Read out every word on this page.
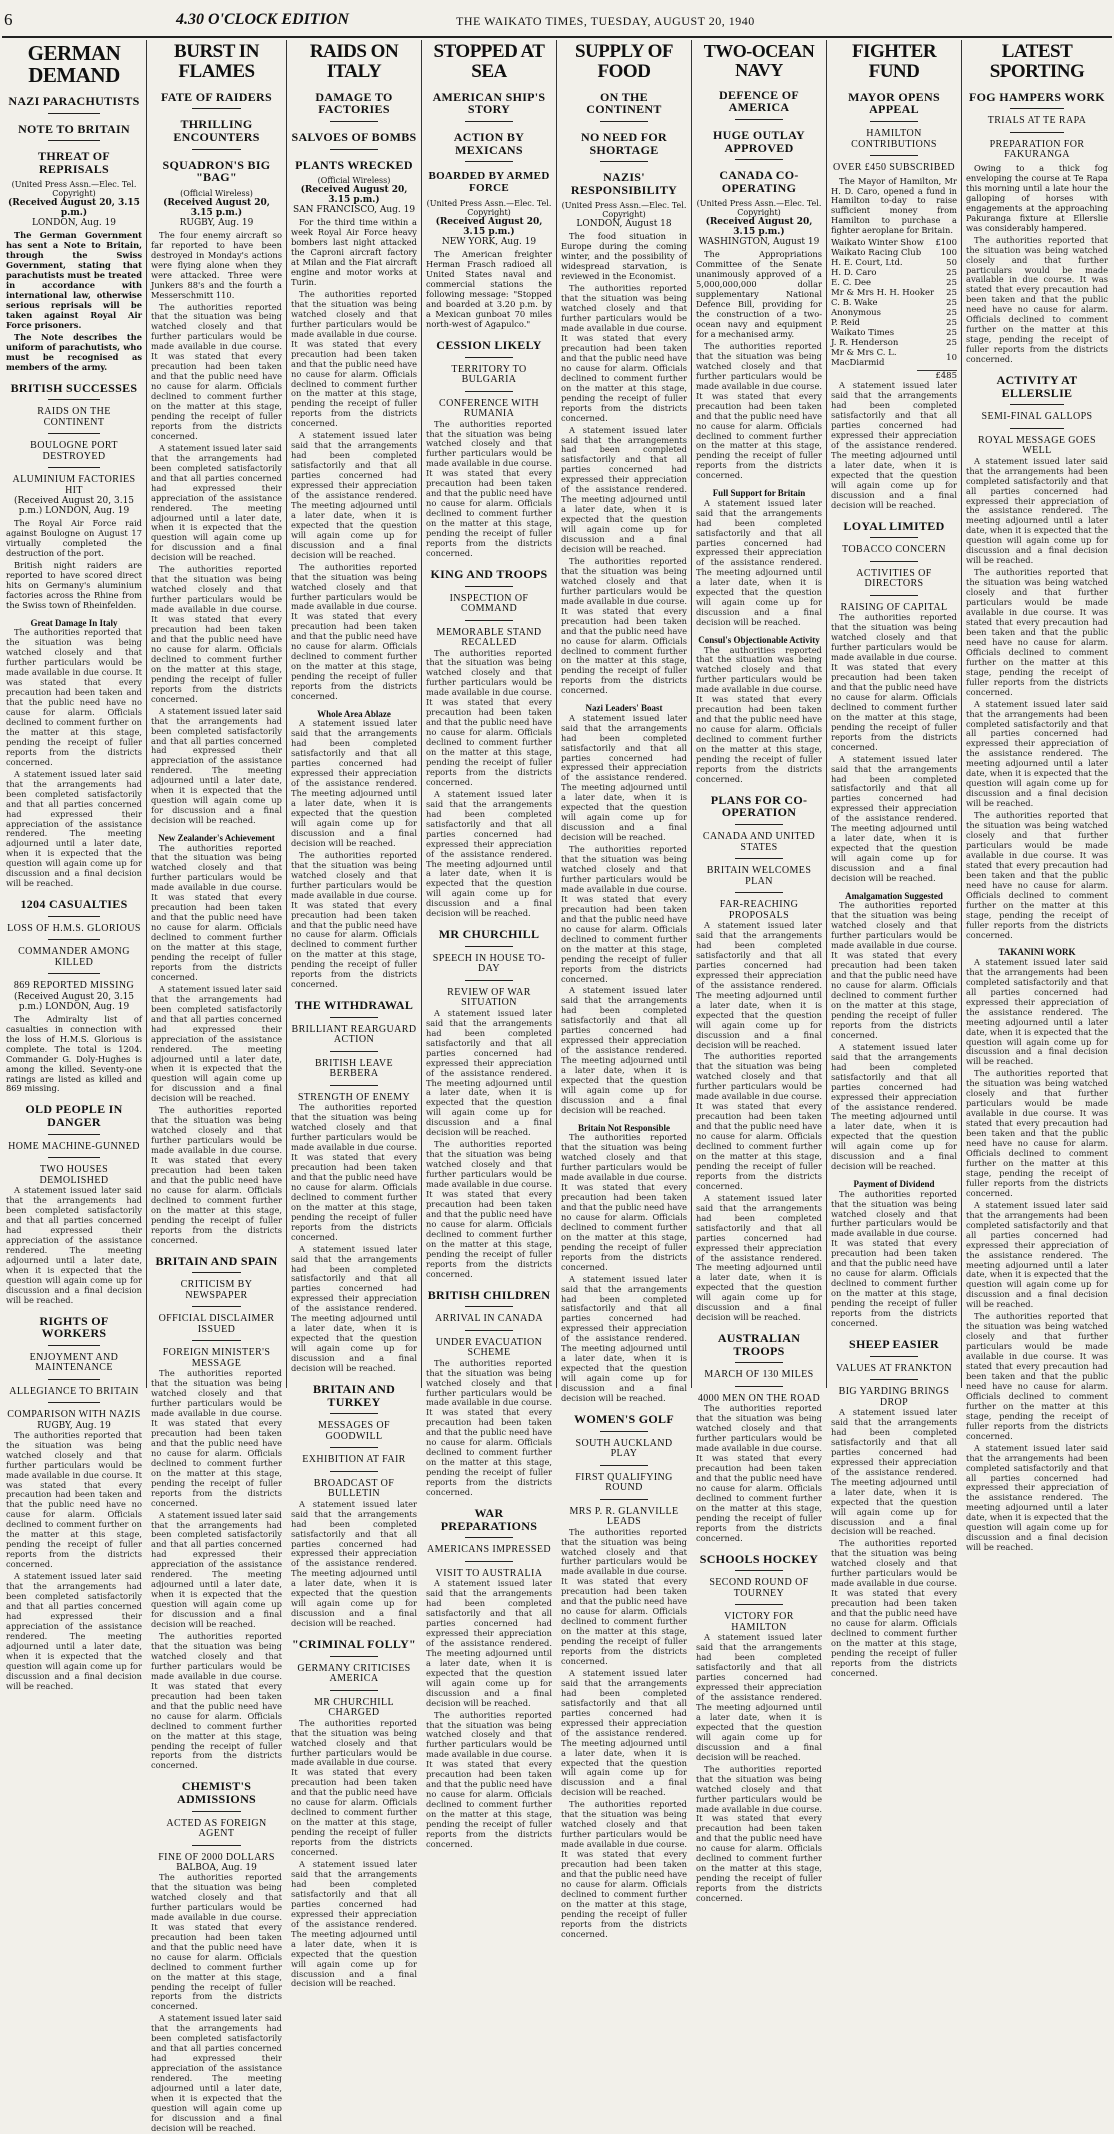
6	4.30 O'CLOCK EDITION	THE WAIKATO TIMES, TUESDAY, AUGUST 20, 1940
GERMAN DEMAND
NAZI PARACHUTISTS
NOTE TO BRITAIN
THREAT OF REPRISALS
(United Press Assn.—Elec. Tel. Copyright)
(Received August 20, 3.15 p.m.)
LONDON, Aug. 19

The German Government has sent a Note to Britain, through the Swiss Government, stating that parachutists must be treated in accordance with international law, otherwise serious reprisals will be taken against Royal Air Force prisoners.

The Note describes the uniform of parachutists, who must be recognised as members of the army.

BRITISH SUCCESSES
RAIDS ON THE CONTINENT
BOULOGNE PORT DESTROYED
ALUMINIUM FACTORIES HIT
(Received August 20, 3.15 p.m.) LONDON, Aug. 19

The Royal Air Force raid against Boulogne on August 17 virtually completed the destruction of the port.

British night raiders are reported to have scored direct hits on Germany's aluminium factories across the Rhine from the Swiss town of Rheinfelden.

Great Damage In Italy

The authorities reported that the situation was being watched closely and that further particulars would be made available in due course. It was stated that every precaution had been taken and that the public need have no cause for alarm. Officials declined to comment further on the matter at this stage, pending the receipt of fuller reports from the districts concerned.

A statement issued later said that the arrangements had been completed satisfactorily and that all parties concerned had expressed their appreciation of the assistance rendered. The meeting adjourned until a later date, when it is expected that the question will again come up for discussion and a final decision will be reached.

1204 CASUALTIES
LOSS OF H.M.S. GLORIOUS
COMMANDER AMONG KILLED
869 REPORTED MISSING
(Received August 20, 3.15 p.m.) LONDON, Aug. 19

The Admiralty list of casualties in connection with the loss of H.M.S. Glorious is complete. The total is 1204. Commander G. Doly-Hughes is among the killed. Seventy-one ratings are listed as killed and 869 missing.

OLD PEOPLE IN DANGER
HOME MACHINE-GUNNED
TWO HOUSES DEMOLISHED

A statement issued later said that the arrangements had been completed satisfactorily and that all parties concerned had expressed their appreciation of the assistance rendered. The meeting adjourned until a later date, when it is expected that the question will again come up for discussion and a final decision will be reached.

RIGHTS OF WORKERS
ENJOYMENT AND MAINTENANCE
ALLEGIANCE TO BRITAIN
COMPARISON WITH NAZIS
RUGBY, Aug. 19

The authorities reported that the situation was being watched closely and that further particulars would be made available in due course. It was stated that every precaution had been taken and that the public need have no cause for alarm. Officials declined to comment further on the matter at this stage, pending the receipt of fuller reports from the districts concerned.

A statement issued later said that the arrangements had been completed satisfactorily and that all parties concerned had expressed their appreciation of the assistance rendered. The meeting adjourned until a later date, when it is expected that the question will again come up for discussion and a final decision will be reached.

BURST IN FLAMES
FATE OF RAIDERS
THRILLING ENCOUNTERS
SQUADRON'S BIG "BAG"
(Official Wireless)
(Received August 20, 3.15 p.m.)
RUGBY, Aug. 19

The four enemy aircraft so far reported to have been destroyed in Monday's actions were flying alone when they were attacked. Three were Junkers 88's and the fourth a Messerschmitt 110.

The authorities reported that the situation was being watched closely and that further particulars would be made available in due course. It was stated that every precaution had been taken and that the public need have no cause for alarm. Officials declined to comment further on the matter at this stage, pending the receipt of fuller reports from the districts concerned.

A statement issued later said that the arrangements had been completed satisfactorily and that all parties concerned had expressed their appreciation of the assistance rendered. The meeting adjourned until a later date, when it is expected that the question will again come up for discussion and a final decision will be reached.

The authorities reported that the situation was being watched closely and that further particulars would be made available in due course. It was stated that every precaution had been taken and that the public need have no cause for alarm. Officials declined to comment further on the matter at this stage, pending the receipt of fuller reports from the districts concerned.

A statement issued later said that the arrangements had been completed satisfactorily and that all parties concerned had expressed their appreciation of the assistance rendered. The meeting adjourned until a later date, when it is expected that the question will again come up for discussion and a final decision will be reached.

New Zealander's Achievement

The authorities reported that the situation was being watched closely and that further particulars would be made available in due course. It was stated that every precaution had been taken and that the public need have no cause for alarm. Officials declined to comment further on the matter at this stage, pending the receipt of fuller reports from the districts concerned.

A statement issued later said that the arrangements had been completed satisfactorily and that all parties concerned had expressed their appreciation of the assistance rendered. The meeting adjourned until a later date, when it is expected that the question will again come up for discussion and a final decision will be reached.

The authorities reported that the situation was being watched closely and that further particulars would be made available in due course. It was stated that every precaution had been taken and that the public need have no cause for alarm. Officials declined to comment further on the matter at this stage, pending the receipt of fuller reports from the districts concerned.

BRITAIN AND SPAIN
CRITICISM BY NEWSPAPER
OFFICIAL DISCLAIMER ISSUED
FOREIGN MINISTER'S MESSAGE

The authorities reported that the situation was being watched closely and that further particulars would be made available in due course. It was stated that every precaution had been taken and that the public need have no cause for alarm. Officials declined to comment further on the matter at this stage, pending the receipt of fuller reports from the districts concerned.

A statement issued later said that the arrangements had been completed satisfactorily and that all parties concerned had expressed their appreciation of the assistance rendered. The meeting adjourned until a later date, when it is expected that the question will again come up for discussion and a final decision will be reached.

The authorities reported that the situation was being watched closely and that further particulars would be made available in due course. It was stated that every precaution had been taken and that the public need have no cause for alarm. Officials declined to comment further on the matter at this stage, pending the receipt of fuller reports from the districts concerned.

CHEMIST'S ADMISSIONS
ACTED AS FOREIGN AGENT
FINE OF 2000 DOLLARS
BALBOA, Aug. 19

The authorities reported that the situation was being watched closely and that further particulars would be made available in due course. It was stated that every precaution had been taken and that the public need have no cause for alarm. Officials declined to comment further on the matter at this stage, pending the receipt of fuller reports from the districts concerned.

A statement issued later said that the arrangements had been completed satisfactorily and that all parties concerned had expressed their appreciation of the assistance rendered. The meeting adjourned until a later date, when it is expected that the question will again come up for discussion and a final decision will be reached.

RAIDS ON ITALY
DAMAGE TO FACTORIES
SALVOES OF BOMBS
PLANTS WRECKED
(Official Wireless)
(Received August 20, 3.15 p.m.)
SAN FRANCISCO, Aug. 19

For the third time within a week Royal Air Force heavy bombers last night attacked the Caproni aircraft factory at Milan and the Fiat aircraft engine and motor works at Turin.

The authorities reported that the situation was being watched closely and that further particulars would be made available in due course. It was stated that every precaution had been taken and that the public need have no cause for alarm. Officials declined to comment further on the matter at this stage, pending the receipt of fuller reports from the districts concerned.

A statement issued later said that the arrangements had been completed satisfactorily and that all parties concerned had expressed their appreciation of the assistance rendered. The meeting adjourned until a later date, when it is expected that the question will again come up for discussion and a final decision will be reached.

The authorities reported that the situation was being watched closely and that further particulars would be made available in due course. It was stated that every precaution had been taken and that the public need have no cause for alarm. Officials declined to comment further on the matter at this stage, pending the receipt of fuller reports from the districts concerned.

Whole Area Ablaze

A statement issued later said that the arrangements had been completed satisfactorily and that all parties concerned had expressed their appreciation of the assistance rendered. The meeting adjourned until a later date, when it is expected that the question will again come up for discussion and a final decision will be reached.

The authorities reported that the situation was being watched closely and that further particulars would be made available in due course. It was stated that every precaution had been taken and that the public need have no cause for alarm. Officials declined to comment further on the matter at this stage, pending the receipt of fuller reports from the districts concerned.

THE WITHDRAWAL
BRILLIANT REARGUARD ACTION
BRITISH LEAVE BERBERA
STRENGTH OF ENEMY

The authorities reported that the situation was being watched closely and that further particulars would be made available in due course. It was stated that every precaution had been taken and that the public need have no cause for alarm. Officials declined to comment further on the matter at this stage, pending the receipt of fuller reports from the districts concerned.

A statement issued later said that the arrangements had been completed satisfactorily and that all parties concerned had expressed their appreciation of the assistance rendered. The meeting adjourned until a later date, when it is expected that the question will again come up for discussion and a final decision will be reached.

BRITAIN AND TURKEY
MESSAGES OF GOODWILL
EXHIBITION AT FAIR
BROADCAST OF BULLETIN

A statement issued later said that the arrangements had been completed satisfactorily and that all parties concerned had expressed their appreciation of the assistance rendered. The meeting adjourned until a later date, when it is expected that the question will again come up for discussion and a final decision will be reached.

"CRIMINAL FOLLY"
GERMANY CRITICISES AMERICA
MR CHURCHILL CHARGED

The authorities reported that the situation was being watched closely and that further particulars would be made available in due course. It was stated that every precaution had been taken and that the public need have no cause for alarm. Officials declined to comment further on the matter at this stage, pending the receipt of fuller reports from the districts concerned.

A statement issued later said that the arrangements had been completed satisfactorily and that all parties concerned had expressed their appreciation of the assistance rendered. The meeting adjourned until a later date, when it is expected that the question will again come up for discussion and a final decision will be reached.

STOPPED AT SEA
AMERICAN SHIP'S STORY
ACTION BY MEXICANS
BOARDED BY ARMED FORCE
(United Press Assn.—Elec. Tel. Copyright)
(Received August 20, 3.15 p.m.)
NEW YORK, Aug. 19

The American freighter Herman Frasch radioed all United States naval and commercial stations the following message: "Stopped and boarded at 3.20 p.m. by a Mexican gunboat 70 miles north-west of Agapulco."

CESSION LIKELY
TERRITORY TO BULGARIA
CONFERENCE WITH RUMANIA

The authorities reported that the situation was being watched closely and that further particulars would be made available in due course. It was stated that every precaution had been taken and that the public need have no cause for alarm. Officials declined to comment further on the matter at this stage, pending the receipt of fuller reports from the districts concerned.

KING AND TROOPS
INSPECTION OF COMMAND
MEMORABLE STAND RECALLED

The authorities reported that the situation was being watched closely and that further particulars would be made available in due course. It was stated that every precaution had been taken and that the public need have no cause for alarm. Officials declined to comment further on the matter at this stage, pending the receipt of fuller reports from the districts concerned.

A statement issued later said that the arrangements had been completed satisfactorily and that all parties concerned had expressed their appreciation of the assistance rendered. The meeting adjourned until a later date, when it is expected that the question will again come up for discussion and a final decision will be reached.

MR CHURCHILL
SPEECH IN HOUSE TO-DAY
REVIEW OF WAR SITUATION

A statement issued later said that the arrangements had been completed satisfactorily and that all parties concerned had expressed their appreciation of the assistance rendered. The meeting adjourned until a later date, when it is expected that the question will again come up for discussion and a final decision will be reached.

The authorities reported that the situation was being watched closely and that further particulars would be made available in due course. It was stated that every precaution had been taken and that the public need have no cause for alarm. Officials declined to comment further on the matter at this stage, pending the receipt of fuller reports from the districts concerned.

BRITISH CHILDREN
ARRIVAL IN CANADA
UNDER EVACUATION SCHEME

The authorities reported that the situation was being watched closely and that further particulars would be made available in due course. It was stated that every precaution had been taken and that the public need have no cause for alarm. Officials declined to comment further on the matter at this stage, pending the receipt of fuller reports from the districts concerned.

WAR PREPARATIONS
AMERICANS IMPRESSED
VISIT TO AUSTRALIA

A statement issued later said that the arrangements had been completed satisfactorily and that all parties concerned had expressed their appreciation of the assistance rendered. The meeting adjourned until a later date, when it is expected that the question will again come up for discussion and a final decision will be reached.

The authorities reported that the situation was being watched closely and that further particulars would be made available in due course. It was stated that every precaution had been taken and that the public need have no cause for alarm. Officials declined to comment further on the matter at this stage, pending the receipt of fuller reports from the districts concerned.

SUPPLY OF FOOD
ON THE CONTINENT
NO NEED FOR SHORTAGE
NAZIS' RESPONSIBILITY
(United Press Assn.—Elec. Tel. Copyright)
LONDON, August 18

The food situation in Europe during the coming winter, and the possibility of widespread starvation, is reviewed in the Economist.

The authorities reported that the situation was being watched closely and that further particulars would be made available in due course. It was stated that every precaution had been taken and that the public need have no cause for alarm. Officials declined to comment further on the matter at this stage, pending the receipt of fuller reports from the districts concerned.

A statement issued later said that the arrangements had been completed satisfactorily and that all parties concerned had expressed their appreciation of the assistance rendered. The meeting adjourned until a later date, when it is expected that the question will again come up for discussion and a final decision will be reached.

The authorities reported that the situation was being watched closely and that further particulars would be made available in due course. It was stated that every precaution had been taken and that the public need have no cause for alarm. Officials declined to comment further on the matter at this stage, pending the receipt of fuller reports from the districts concerned.

Nazi Leaders' Boast

A statement issued later said that the arrangements had been completed satisfactorily and that all parties concerned had expressed their appreciation of the assistance rendered. The meeting adjourned until a later date, when it is expected that the question will again come up for discussion and a final decision will be reached.

The authorities reported that the situation was being watched closely and that further particulars would be made available in due course. It was stated that every precaution had been taken and that the public need have no cause for alarm. Officials declined to comment further on the matter at this stage, pending the receipt of fuller reports from the districts concerned.

A statement issued later said that the arrangements had been completed satisfactorily and that all parties concerned had expressed their appreciation of the assistance rendered. The meeting adjourned until a later date, when it is expected that the question will again come up for discussion and a final decision will be reached.

Britain Not Responsible

The authorities reported that the situation was being watched closely and that further particulars would be made available in due course. It was stated that every precaution had been taken and that the public need have no cause for alarm. Officials declined to comment further on the matter at this stage, pending the receipt of fuller reports from the districts concerned.

A statement issued later said that the arrangements had been completed satisfactorily and that all parties concerned had expressed their appreciation of the assistance rendered. The meeting adjourned until a later date, when it is expected that the question will again come up for discussion and a final decision will be reached.

WOMEN'S GOLF
SOUTH AUCKLAND PLAY
FIRST QUALIFYING ROUND
MRS P. R. GLANVILLE LEADS

The authorities reported that the situation was being watched closely and that further particulars would be made available in due course. It was stated that every precaution had been taken and that the public need have no cause for alarm. Officials declined to comment further on the matter at this stage, pending the receipt of fuller reports from the districts concerned.

A statement issued later said that the arrangements had been completed satisfactorily and that all parties concerned had expressed their appreciation of the assistance rendered. The meeting adjourned until a later date, when it is expected that the question will again come up for discussion and a final decision will be reached.

The authorities reported that the situation was being watched closely and that further particulars would be made available in due course. It was stated that every precaution had been taken and that the public need have no cause for alarm. Officials declined to comment further on the matter at this stage, pending the receipt of fuller reports from the districts concerned.

TWO-OCEAN NAVY
DEFENCE OF AMERICA
HUGE OUTLAY APPROVED
CANADA CO-OPERATING
(United Press Assn.—Elec. Tel. Copyright)
(Received August 20, 3.15 p.m.)
WASHINGTON, August 19

The Appropriations Committee of the Senate unanimously approved of a 5,000,000,000 dollar supplementary National Defence Bill, providing for the construction of a two-ocean navy and equipment for a mechanised army.

The authorities reported that the situation was being watched closely and that further particulars would be made available in due course. It was stated that every precaution had been taken and that the public need have no cause for alarm. Officials declined to comment further on the matter at this stage, pending the receipt of fuller reports from the districts concerned.

Full Support for Britain

A statement issued later said that the arrangements had been completed satisfactorily and that all parties concerned had expressed their appreciation of the assistance rendered. The meeting adjourned until a later date, when it is expected that the question will again come up for discussion and a final decision will be reached.

Consul's Objectionable Activity

The authorities reported that the situation was being watched closely and that further particulars would be made available in due course. It was stated that every precaution had been taken and that the public need have no cause for alarm. Officials declined to comment further on the matter at this stage, pending the receipt of fuller reports from the districts concerned.

PLANS FOR CO-OPERATION
CANADA AND UNITED STATES
BRITAIN WELCOMES PLAN
FAR-REACHING PROPOSALS

A statement issued later said that the arrangements had been completed satisfactorily and that all parties concerned had expressed their appreciation of the assistance rendered. The meeting adjourned until a later date, when it is expected that the question will again come up for discussion and a final decision will be reached.

The authorities reported that the situation was being watched closely and that further particulars would be made available in due course. It was stated that every precaution had been taken and that the public need have no cause for alarm. Officials declined to comment further on the matter at this stage, pending the receipt of fuller reports from the districts concerned.

A statement issued later said that the arrangements had been completed satisfactorily and that all parties concerned had expressed their appreciation of the assistance rendered. The meeting adjourned until a later date, when it is expected that the question will again come up for discussion and a final decision will be reached.

AUSTRALIAN TROOPS
MARCH OF 130 MILES
4000 MEN ON THE ROAD

The authorities reported that the situation was being watched closely and that further particulars would be made available in due course. It was stated that every precaution had been taken and that the public need have no cause for alarm. Officials declined to comment further on the matter at this stage, pending the receipt of fuller reports from the districts concerned.

SCHOOLS HOCKEY
SECOND ROUND OF TOURNEY
VICTORY FOR HAMILTON

A statement issued later said that the arrangements had been completed satisfactorily and that all parties concerned had expressed their appreciation of the assistance rendered. The meeting adjourned until a later date, when it is expected that the question will again come up for discussion and a final decision will be reached.

The authorities reported that the situation was being watched closely and that further particulars would be made available in due course. It was stated that every precaution had been taken and that the public need have no cause for alarm. Officials declined to comment further on the matter at this stage, pending the receipt of fuller reports from the districts concerned.

FIGHTER FUND
MAYOR OPENS APPEAL
HAMILTON CONTRIBUTIONS
OVER £450 SUBSCRIBED

The Mayor of Hamilton, Mr H. D. Caro, opened a fund in Hamilton to-day to raise sufficient money from Hamilton to purchase a fighter aeroplane for Britain.

Waikato Winter Show	£100
Waikato Racing Club	100
H. E. Court, Ltd.	50
H. D. Caro	25
E. C. Dee	25
Mr & Mrs H. H. Hooker	25
C. B. Wake	25
Anonymous	25
P. Reid	25
Waikato Times	25
J. R. Henderson	25
Mr & Mrs C. L. MacDiarmid	10
£485

A statement issued later said that the arrangements had been completed satisfactorily and that all parties concerned had expressed their appreciation of the assistance rendered. The meeting adjourned until a later date, when it is expected that the question will again come up for discussion and a final decision will be reached.

LOYAL LIMITED
TOBACCO CONCERN
ACTIVITIES OF DIRECTORS
RAISING OF CAPITAL

The authorities reported that the situation was being watched closely and that further particulars would be made available in due course. It was stated that every precaution had been taken and that the public need have no cause for alarm. Officials declined to comment further on the matter at this stage, pending the receipt of fuller reports from the districts concerned.

A statement issued later said that the arrangements had been completed satisfactorily and that all parties concerned had expressed their appreciation of the assistance rendered. The meeting adjourned until a later date, when it is expected that the question will again come up for discussion and a final decision will be reached.

Amalgamation Suggested

The authorities reported that the situation was being watched closely and that further particulars would be made available in due course. It was stated that every precaution had been taken and that the public need have no cause for alarm. Officials declined to comment further on the matter at this stage, pending the receipt of fuller reports from the districts concerned.

A statement issued later said that the arrangements had been completed satisfactorily and that all parties concerned had expressed their appreciation of the assistance rendered. The meeting adjourned until a later date, when it is expected that the question will again come up for discussion and a final decision will be reached.

Payment of Dividend

The authorities reported that the situation was being watched closely and that further particulars would be made available in due course. It was stated that every precaution had been taken and that the public need have no cause for alarm. Officials declined to comment further on the matter at this stage, pending the receipt of fuller reports from the districts concerned.

SHEEP EASIER
VALUES AT FRANKTON
BIG YARDING BRINGS DROP

A statement issued later said that the arrangements had been completed satisfactorily and that all parties concerned had expressed their appreciation of the assistance rendered. The meeting adjourned until a later date, when it is expected that the question will again come up for discussion and a final decision will be reached.

The authorities reported that the situation was being watched closely and that further particulars would be made available in due course. It was stated that every precaution had been taken and that the public need have no cause for alarm. Officials declined to comment further on the matter at this stage, pending the receipt of fuller reports from the districts concerned.

LATEST SPORTING
FOG HAMPERS WORK
TRIALS AT TE RAPA
PREPARATION FOR FAKURANGA

Owing to a thick fog enveloping the course at Te Rapa this morning until a late hour the galloping of horses with engagements at the approaching Pakuranga fixture at Ellerslie was considerably hampered.

The authorities reported that the situation was being watched closely and that further particulars would be made available in due course. It was stated that every precaution had been taken and that the public need have no cause for alarm. Officials declined to comment further on the matter at this stage, pending the receipt of fuller reports from the districts concerned.

ACTIVITY AT ELLERSLIE
SEMI-FINAL GALLOPS
ROYAL MESSAGE GOES WELL

A statement issued later said that the arrangements had been completed satisfactorily and that all parties concerned had expressed their appreciation of the assistance rendered. The meeting adjourned until a later date, when it is expected that the question will again come up for discussion and a final decision will be reached.

The authorities reported that the situation was being watched closely and that further particulars would be made available in due course. It was stated that every precaution had been taken and that the public need have no cause for alarm. Officials declined to comment further on the matter at this stage, pending the receipt of fuller reports from the districts concerned.

A statement issued later said that the arrangements had been completed satisfactorily and that all parties concerned had expressed their appreciation of the assistance rendered. The meeting adjourned until a later date, when it is expected that the question will again come up for discussion and a final decision will be reached.

The authorities reported that the situation was being watched closely and that further particulars would be made available in due course. It was stated that every precaution had been taken and that the public need have no cause for alarm. Officials declined to comment further on the matter at this stage, pending the receipt of fuller reports from the districts concerned.

TAKANINI WORK

A statement issued later said that the arrangements had been completed satisfactorily and that all parties concerned had expressed their appreciation of the assistance rendered. The meeting adjourned until a later date, when it is expected that the question will again come up for discussion and a final decision will be reached.

The authorities reported that the situation was being watched closely and that further particulars would be made available in due course. It was stated that every precaution had been taken and that the public need have no cause for alarm. Officials declined to comment further on the matter at this stage, pending the receipt of fuller reports from the districts concerned.

A statement issued later said that the arrangements had been completed satisfactorily and that all parties concerned had expressed their appreciation of the assistance rendered. The meeting adjourned until a later date, when it is expected that the question will again come up for discussion and a final decision will be reached.

The authorities reported that the situation was being watched closely and that further particulars would be made available in due course. It was stated that every precaution had been taken and that the public need have no cause for alarm. Officials declined to comment further on the matter at this stage, pending the receipt of fuller reports from the districts concerned.

A statement issued later said that the arrangements had been completed satisfactorily and that all parties concerned had expressed their appreciation of the assistance rendered. The meeting adjourned until a later date, when it is expected that the question will again come up for discussion and a final decision will be reached.
